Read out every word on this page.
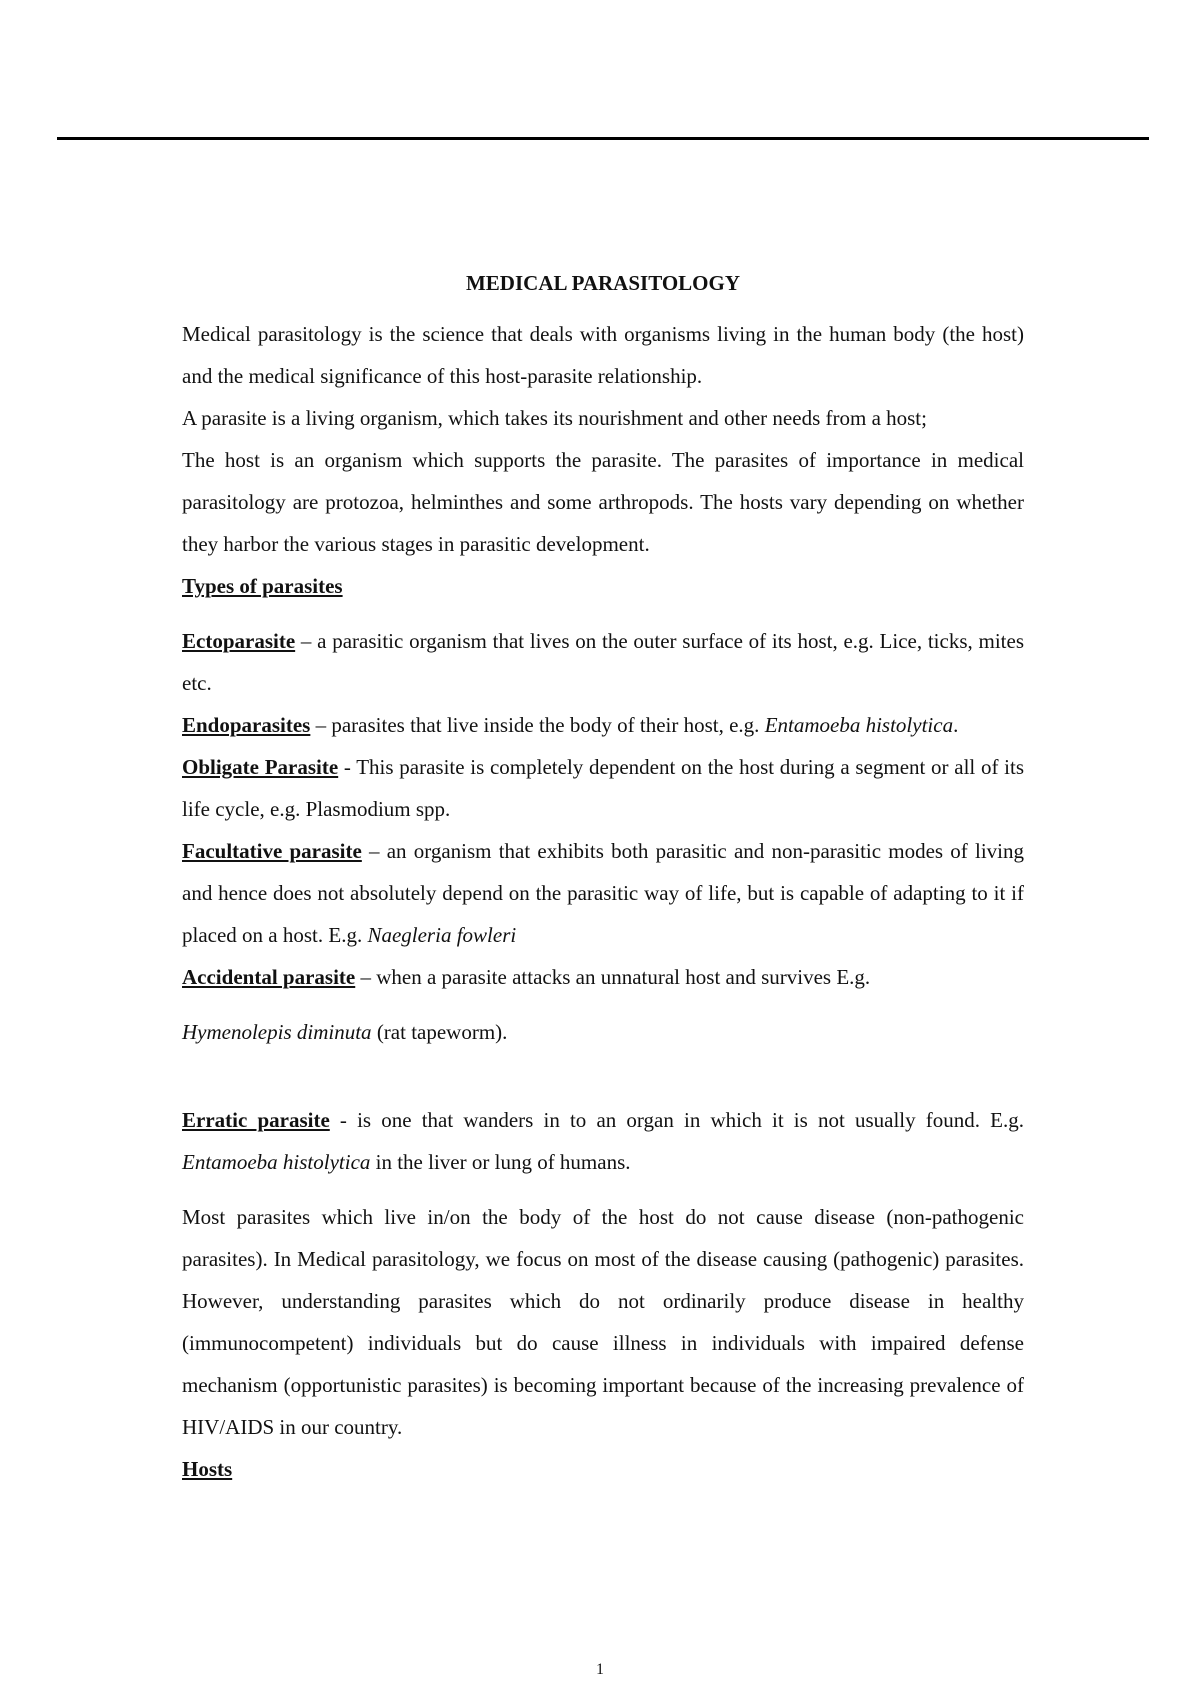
MEDICAL PARASITOLOGY

Medical parasitology is the science that deals with organisms living in the human body (the host) and the medical significance of this host-parasite relationship.

A parasite is a living organism, which takes its nourishment and other needs from a host;

The host is an organism which supports the parasite. The parasites of importance in medical parasitology are protozoa, helminthes and some arthropods. The hosts vary depending on whether they harbor the various stages in parasitic development.

Types of parasites

Ectoparasite – a parasitic organism that lives on the outer surface of its host, e.g. Lice, ticks, mites etc.

Endoparasites – parasites that live inside the body of their host, e.g. Entamoeba histolytica.

Obligate Parasite - This parasite is completely dependent on the host during a segment or all of its life cycle, e.g. Plasmodium spp.

Facultative parasite – an organism that exhibits both parasitic and non-parasitic modes of living and hence does not absolutely depend on the parasitic way of life, but is capable of adapting to it if placed on a host. E.g. Naegleria fowleri

Accidental parasite – when a parasite attacks an unnatural host and survives E.g.

Hymenolepis diminuta (rat tapeworm).

Erratic parasite - is one that wanders in to an organ in which it is not usually found. E.g. Entamoeba histolytica in the liver or lung of humans.

Most parasites which live in/on the body of the host do not cause disease (non-pathogenic parasites). In Medical parasitology, we focus on most of the disease causing (pathogenic) parasites. However, understanding parasites which do not ordinarily produce disease in healthy (immunocompetent) individuals but do cause illness in individuals with impaired defense mechanism (opportunistic parasites) is becoming important because of the increasing prevalence of HIV/AIDS in our country.

Hosts

1
